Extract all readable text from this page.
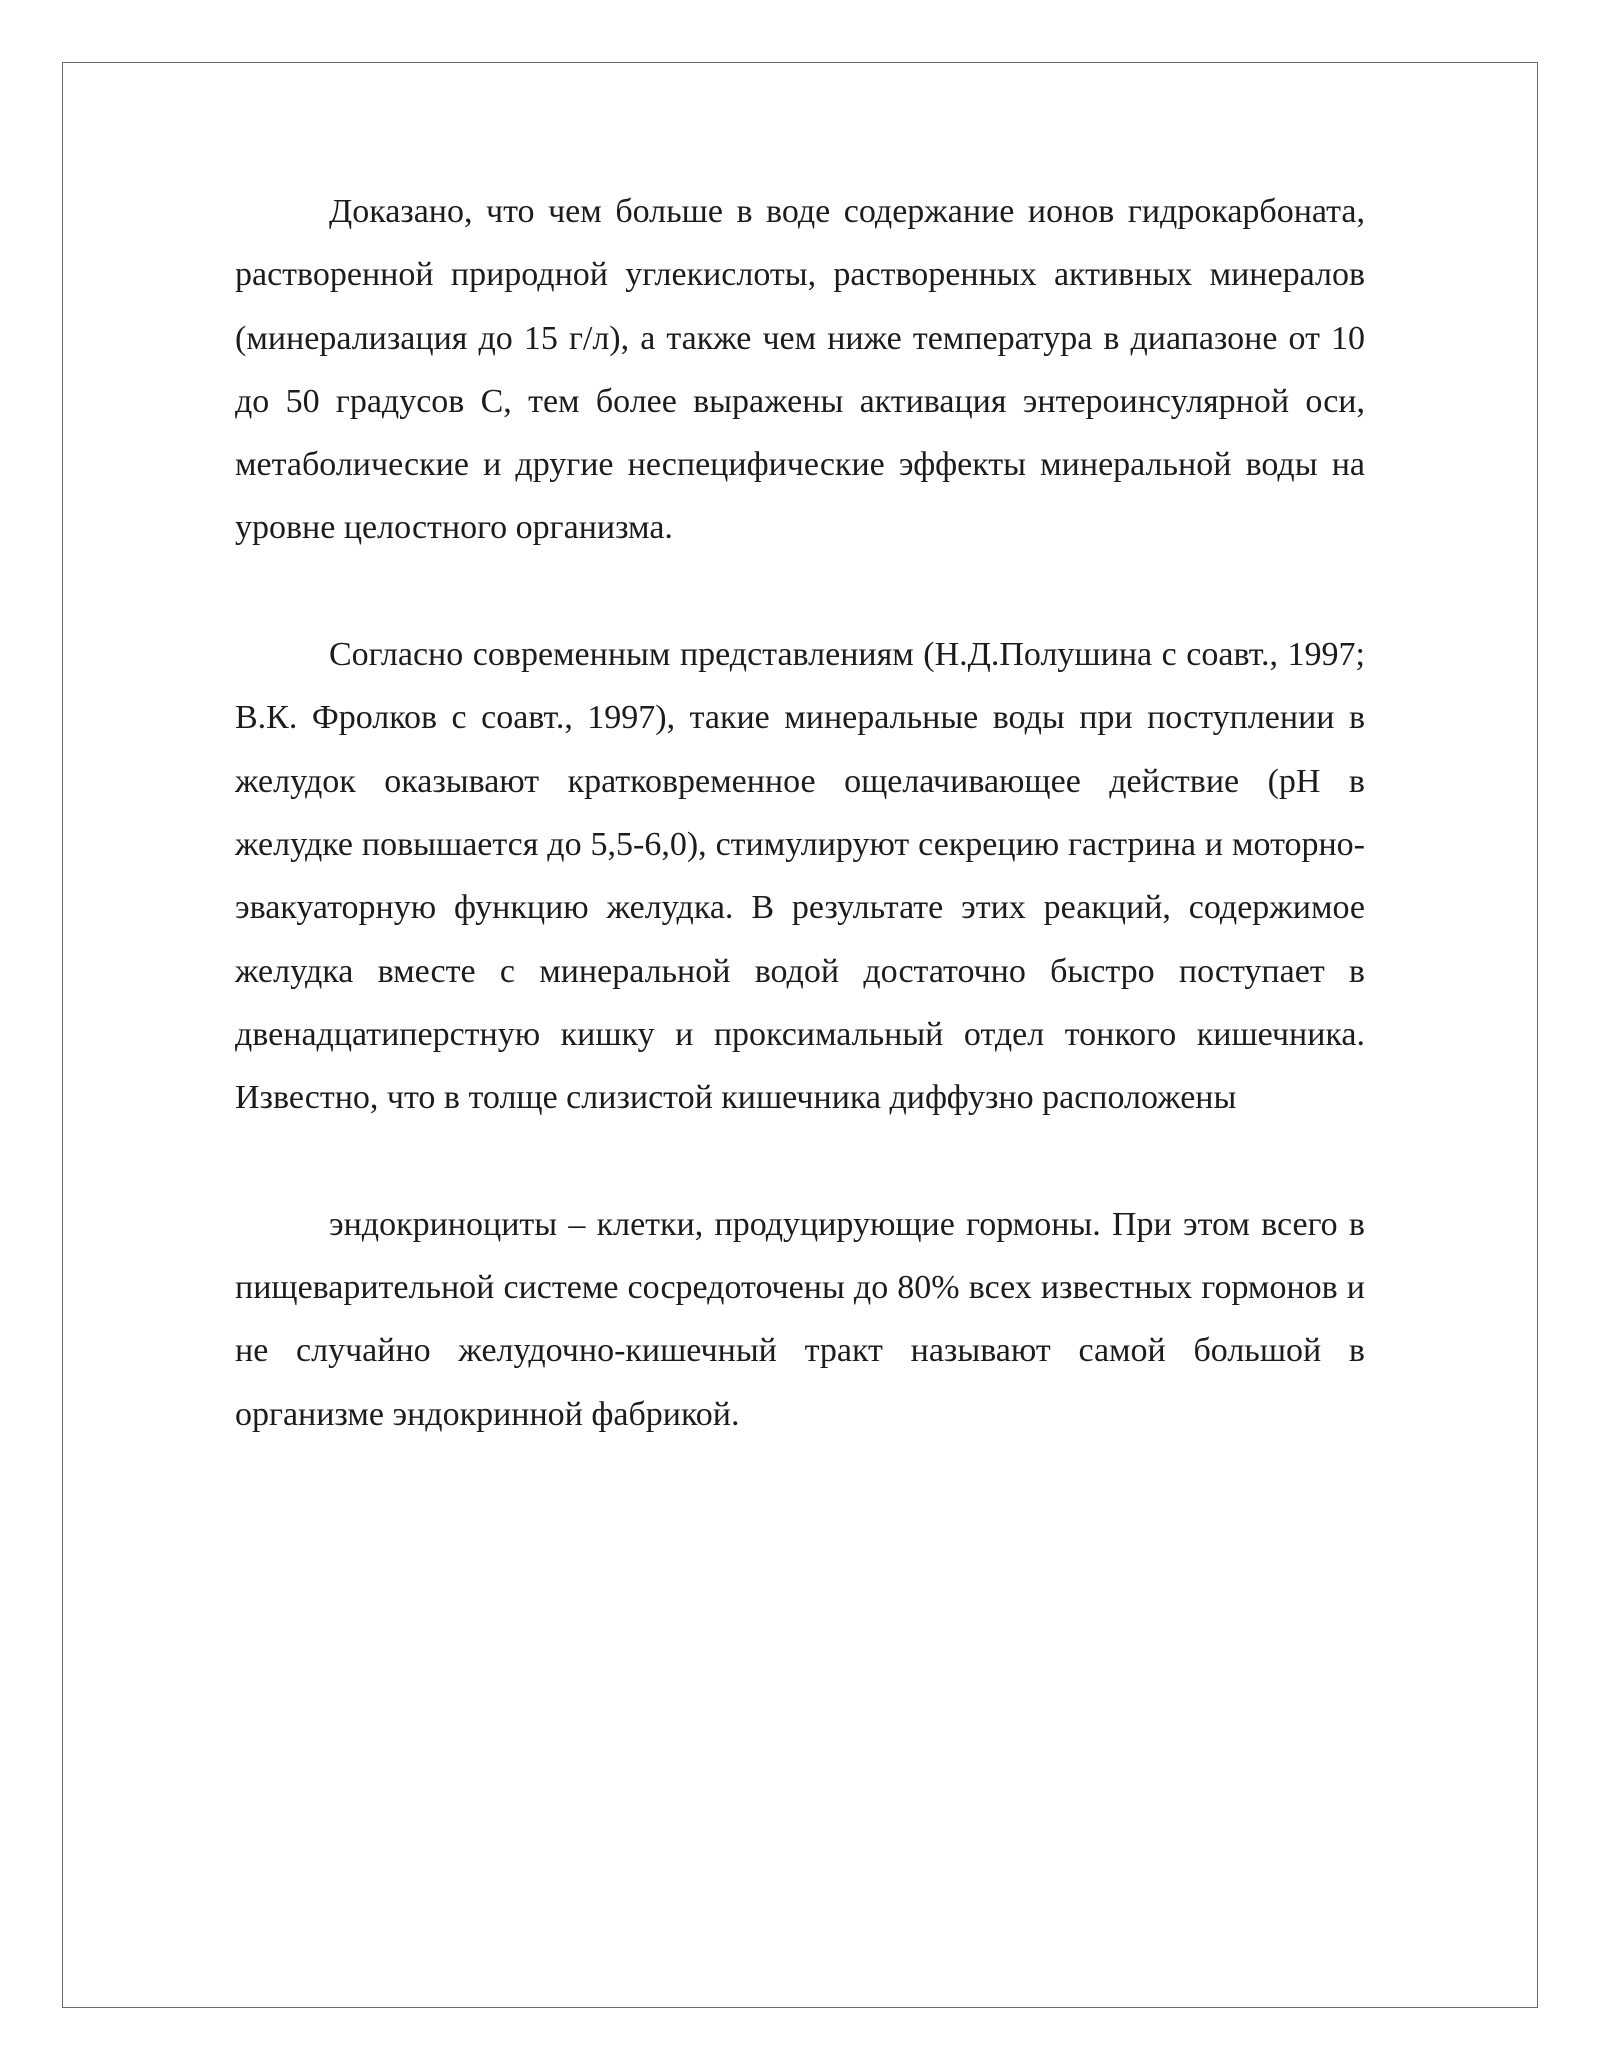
Доказано, что чем больше в воде содержание ионов гидрокарбоната, растворенной природной углекислоты, растворенных активных минералов (минерализация до 15 г/л), а также чем ниже температура в диапазоне от 10 до 50 градусов С, тем более выражены активация энтероинсулярной оси, метаболические и другие неспецифические эффекты минеральной воды на уровне целостного организма.

Согласно современным представлениям (Н.Д.Полушина с соавт., 1997; В.К. Фролков с соавт., 1997), такие минеральные воды при поступлении в желудок оказывают кратковременное ощелачивающее действие (pH в желудке повышается до 5,5-6,0), стимулируют секрецию гастрина и моторно-эвакуаторную функцию желудка. В результате этих реакций, содержимое желудка вместе с минеральной водой достаточно быстро поступает в двенадцатиперстную кишку и проксимальный отдел тонкого кишечника. Известно, что в толще слизистой кишечника диффузно расположены

эндокриноциты – клетки, продуцирующие гормоны. При этом всего в пищеварительной системе сосредоточены до 80% всех известных гормонов и не случайно желудочно-кишечный тракт называют самой большой в организме эндокринной фабрикой.
